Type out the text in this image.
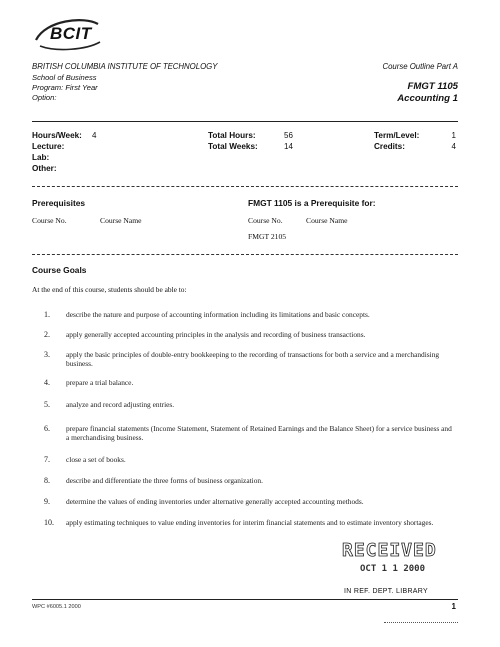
BCIT
BRITISH COLUMBIA INSTITUTE OF TECHNOLOGY
School of Business
Program: First Year
Option:
Course Outline Part A
FMGT 1105
Accounting 1
Hours/Week: 4
Lecture:
Lab:
Other:
Total Hours:	56
Total Weeks:	14
Term/Level:	1
Credits:	4
Prerequisites
Course No.	Course Name
FMGT 1105 is a Prerequisite for:
Course No.	Course Name
FMGT 2105
Course Goals
At the end of this course, students should be able to:
1.	describe the nature and purpose of accounting information including its limitations and basic concepts.
2.	apply generally accepted accounting principles in the analysis and recording of business transactions.
3.	apply the basic principles of double-entry bookkeeping to the recording of transactions for both a service and a merchandising business.
4.	prepare a trial balance.
5.	analyze and record adjusting entries.
6.	prepare financial statements (Income Statement, Statement of Retained Earnings and the Balance Sheet) for a service business and a merchandising business.
7.	close a set of books.
8.	describe and differentiate the three forms of business organization.
9.	determine the values of ending inventories under alternative generally accepted accounting methods.
10.	apply estimating techniques to value ending inventories for interim financial statements and to estimate inventory shortages.
RECEIVED
OCT 1 1 2000
IN REF. DEPT. LIBRARY
WPC #6005.1 2000	1
